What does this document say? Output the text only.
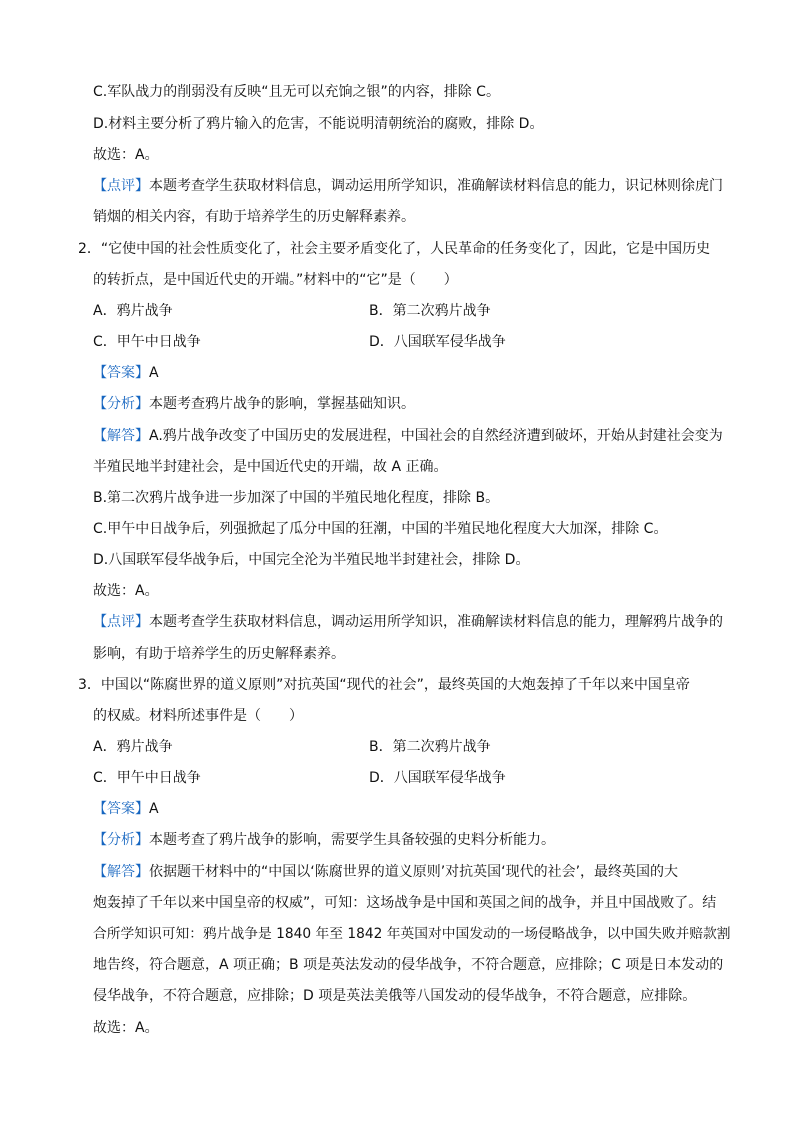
C.军队战力的削弱没有反映“且无可以充饷之银”的内容，排除 C。
D.材料主要分析了鸦片输入的危害，不能说明清朝统治的腐败，排除 D。
故选：A。
【点评】本题考查学生获取材料信息，调动运用所学知识，准确解读材料信息的能力，识记林则徐虎门
销烟的相关内容，有助于培养学生的历史解释素养。
2．“它使中国的社会性质变化了，社会主要矛盾变化了，人民革命的任务变化了，因此，它是中国历史
的转折点，是中国近代史的开端。”材料中的“它”是（　　）
A．鸦片战争	B．第二次鸦片战争
C．甲午中日战争	D．八国联军侵华战争
【答案】A
【分析】本题考查鸦片战争的影响，掌握基础知识。
【解答】A.鸦片战争改变了中国历史的发展进程，中国社会的自然经济遭到破坏，开始从封建社会变为
半殖民地半封建社会，是中国近代史的开端，故 A 正确。
B.第二次鸦片战争进一步加深了中国的半殖民地化程度，排除 B。
C.甲午中日战争后，列强掀起了瓜分中国的狂潮，中国的半殖民地化程度大大加深，排除 C。
D.八国联军侵华战争后，中国完全沦为半殖民地半封建社会，排除 D。
故选：A。
【点评】本题考查学生获取材料信息，调动运用所学知识，准确解读材料信息的能力，理解鸦片战争的
影响，有助于培养学生的历史解释素养。
3．中国以“陈腐世界的道义原则”对抗英国“现代的社会”，最终英国的大炮轰掉了千年以来中国皇帝
的权威。材料所述事件是（　　）
A．鸦片战争	B．第二次鸦片战争
C．甲午中日战争	D．八国联军侵华战争
【答案】A
【分析】本题考查了鸦片战争的影响，需要学生具备较强的史料分析能力。
【解答】依据题干材料中的“中国以‘陈腐世界的道义原则’对抗英国‘现代的社会’，最终英国的大
炮轰掉了千年以来中国皇帝的权威”，可知：这场战争是中国和英国之间的战争，并且中国战败了。结
合所学知识可知：鸦片战争是 1840 年至 1842 年英国对中国发动的一场侵略战争，以中国失败并赔款割
地告终，符合题意，A 项正确；B 项是英法发动的侵华战争，不符合题意，应排除；C 项是日本发动的
侵华战争，不符合题意，应排除；D 项是英法美俄等八国发动的侵华战争，不符合题意，应排除。
故选：A。
